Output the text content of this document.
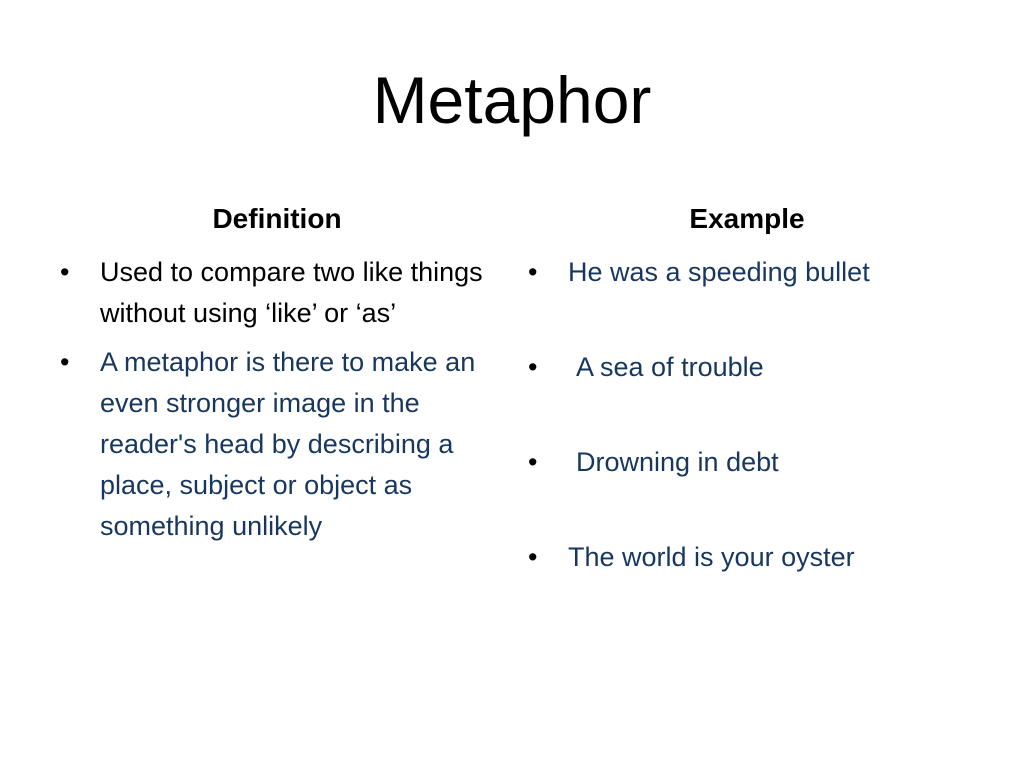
Metaphor
Definition	Example
•	Used to compare two like things without using ‘like’ or ‘as’
•	A metaphor is there to make an even stronger image in the reader's head by describing a place, subject or object as something unlikely
•	He was a speeding bullet
•	A sea of trouble
•	Drowning in debt
•	The world is your oyster
